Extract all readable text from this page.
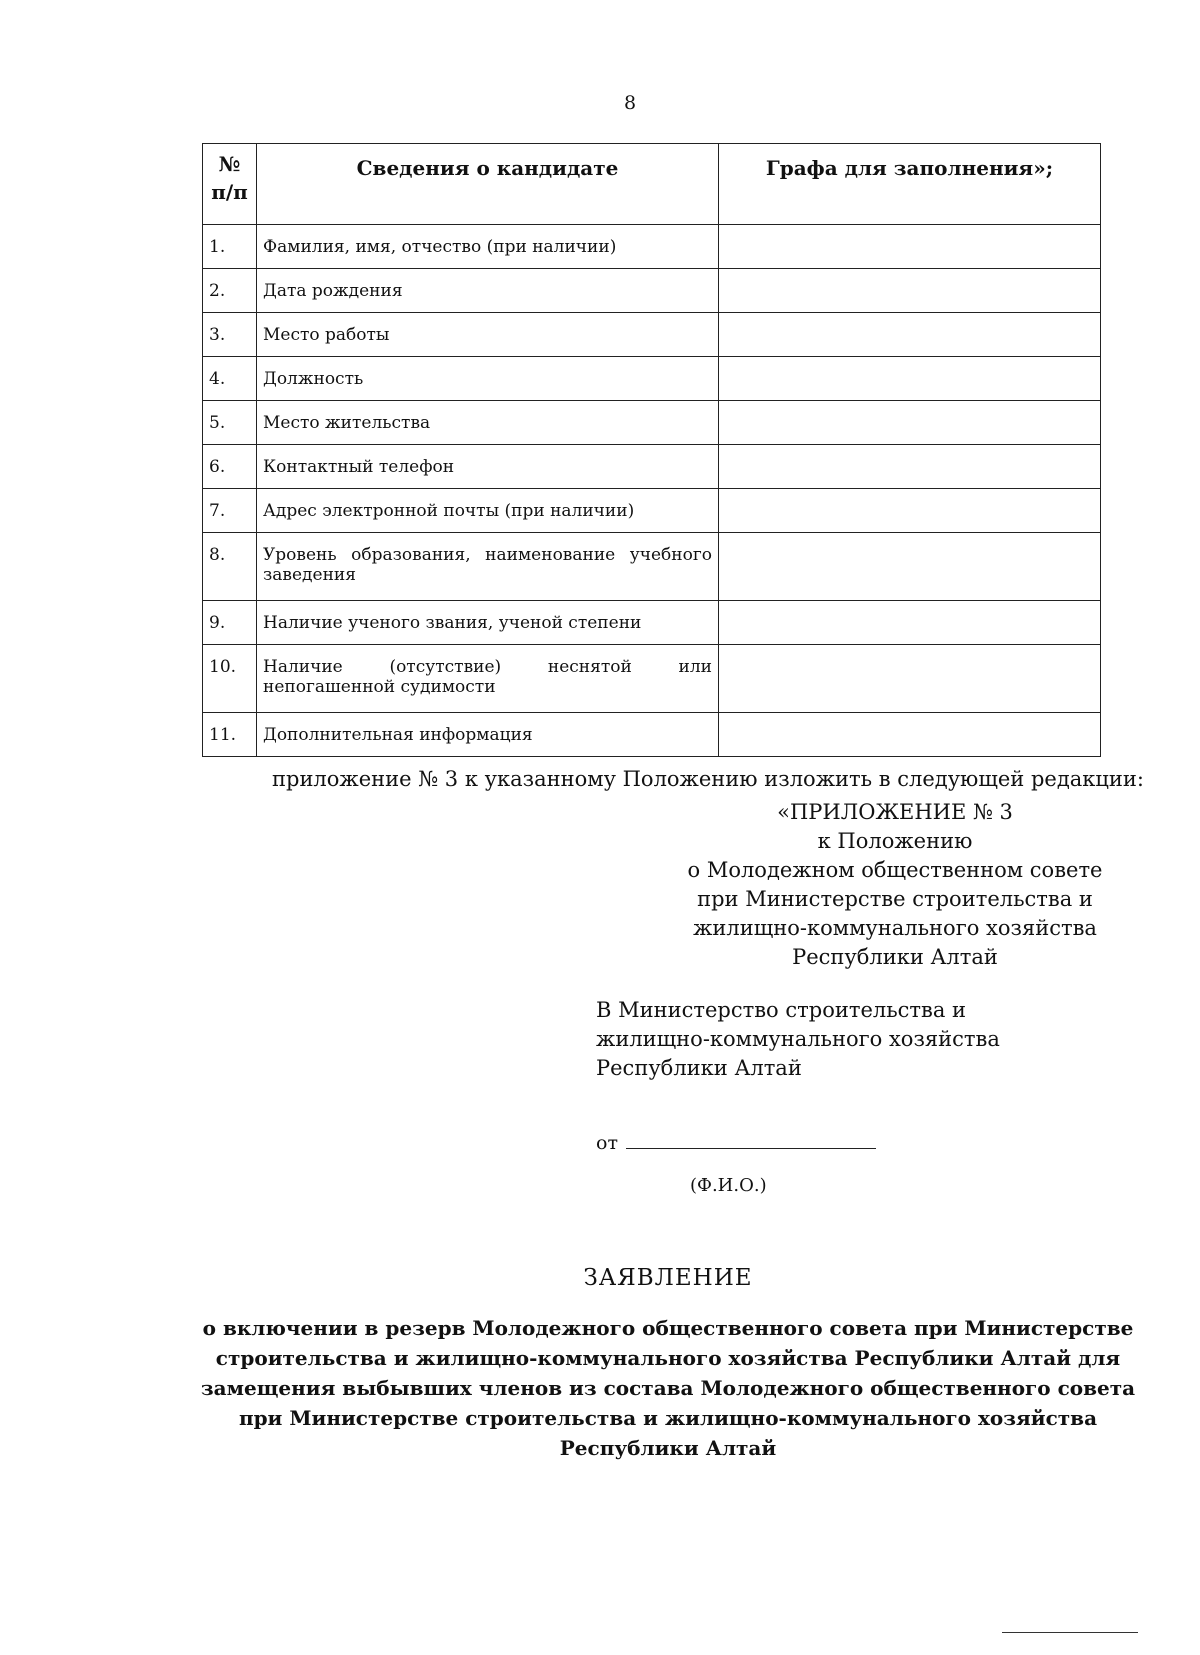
8
№
п/п	Сведения о кандидате	Графа для заполнения»;
1.	Фамилия, имя, отчество (при наличии)	
2.	Дата рождения	
3.	Место работы	
4.	Должность	
5.	Место жительства	
6.	Контактный телефон	
7.	Адрес электронной почты (при наличии)	
8.	Уровень образования, наименование учебного заведения	
9.	Наличие ученого звания, ученой степени	
10.	Наличие (отсутствие) неснятой или
непогашенной судимости	

11.	Дополнительная информация	
приложение № 3 к указанному Положению изложить в следующей редакции:
«ПРИЛОЖЕНИЕ № 3
к Положению
о Молодежном общественном совете
при Министерстве строительства и
жилищно-коммунального хозяйства
Республики Алтай
В Министерство строительства и
жилищно-коммунального хозяйства
Республики Алтай
от
(Ф.И.О.)
ЗАЯВЛЕНИЕ
о включении в резерв Молодежного общественного совета при Министерстве
строительства и жилищно-коммунального хозяйства Республики Алтай для
замещения выбывших членов из состава Молодежного общественного совета
при Министерстве строительства и жилищно-коммунального хозяйства
Республики Алтай
